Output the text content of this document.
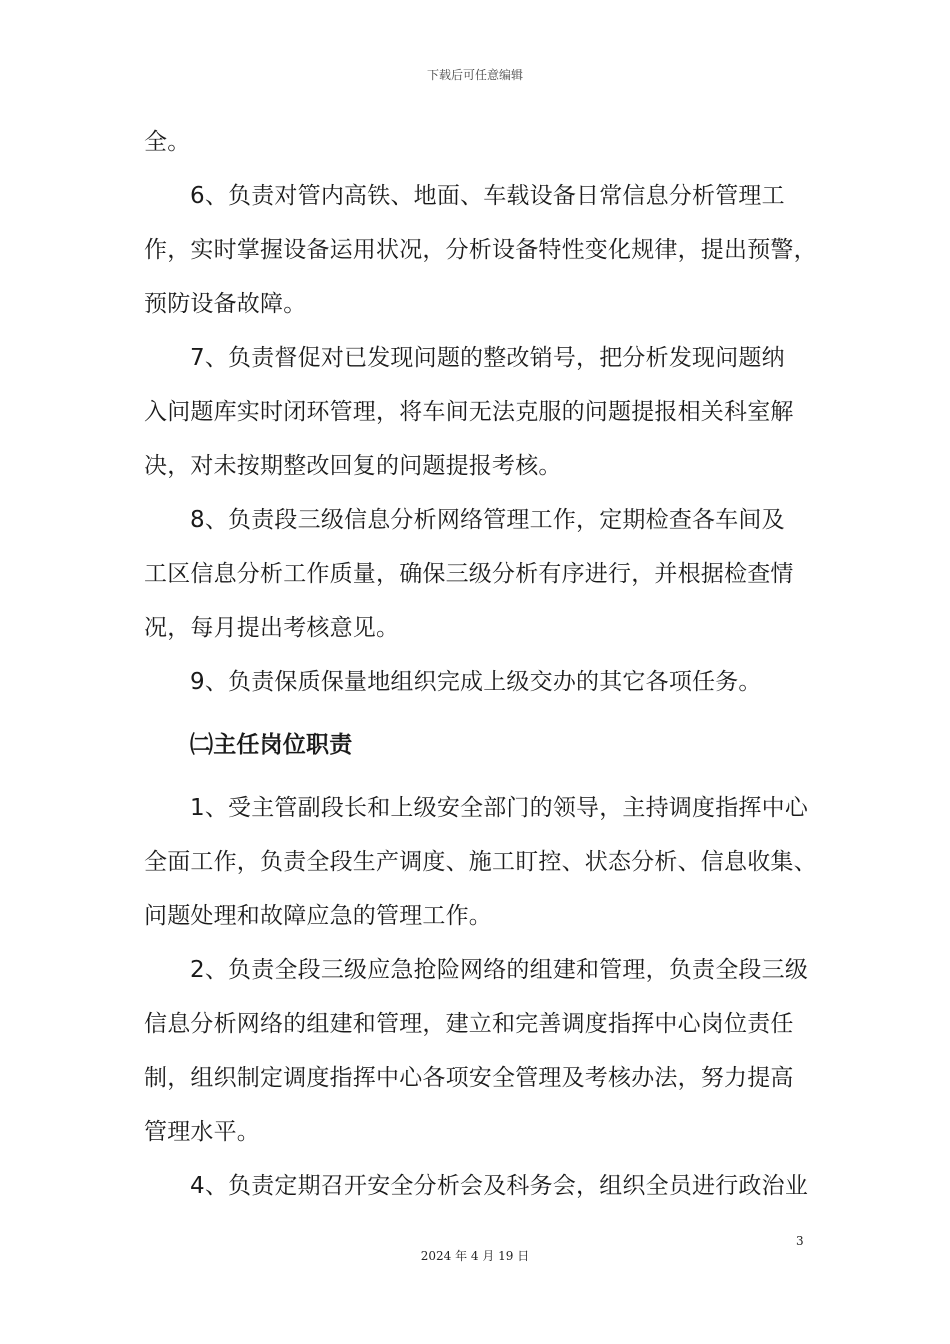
下载后可任意编辑
全。
6、负责对管内高铁、地面、车载设备日常信息分析管理工
作，实时掌握设备运用状况，分析设备特性变化规律，提出预警，
预防设备故障。
7、负责督促对已发现问题的整改销号，把分析发现问题纳
入问题库实时闭环管理，将车间无法克服的问题提报相关科室解
决，对未按期整改回复的问题提报考核。
8、负责段三级信息分析网络管理工作，定期检查各车间及
工区信息分析工作质量，确保三级分析有序进行，并根据检查情
况，每月提出考核意见。
9、负责保质保量地组织完成上级交办的其它各项任务。
㈡主任岗位职责
1、受主管副段长和上级安全部门的领导，主持调度指挥中心
全面工作，负责全段生产调度、施工盯控、状态分析、信息收集、
问题处理和故障应急的管理工作。
2、负责全段三级应急抢险网络的组建和管理，负责全段三级
信息分析网络的组建和管理，建立和完善调度指挥中心岗位责任
制，组织制定调度指挥中心各项安全管理及考核办法，努力提高
管理水平。
4、负责定期召开安全分析会及科务会，组织全员进行政治业
3
2024 年 4 月 19 日
